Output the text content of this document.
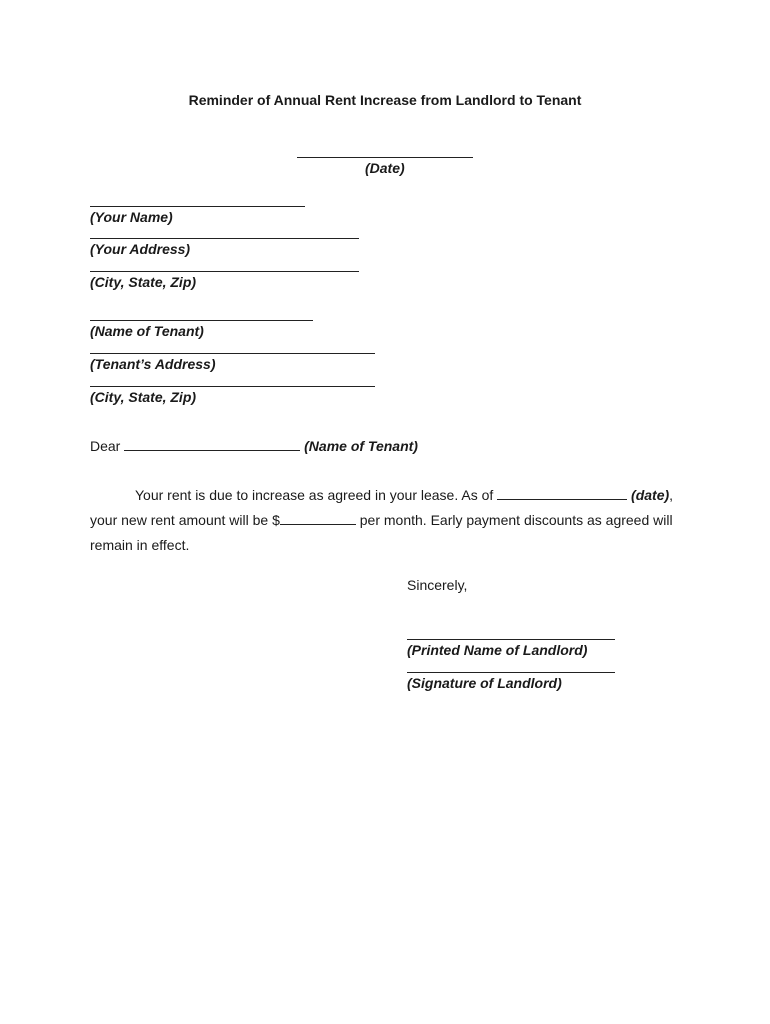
Reminder of Annual Rent Increase from Landlord to Tenant
(Date)
(Your Name)
(Your Address)
(City, State, Zip)
(Name of Tenant)
(Tenant’s Address)
(City, State, Zip)
Dear	(Name of Tenant)
Your rent is due to increase as agreed in your lease. As of	(date),
your new rent amount will be $	per month. Early payment discounts as agreed will
remain in effect.
Sincerely,
(Printed Name of Landlord)
(Signature of Landlord)
